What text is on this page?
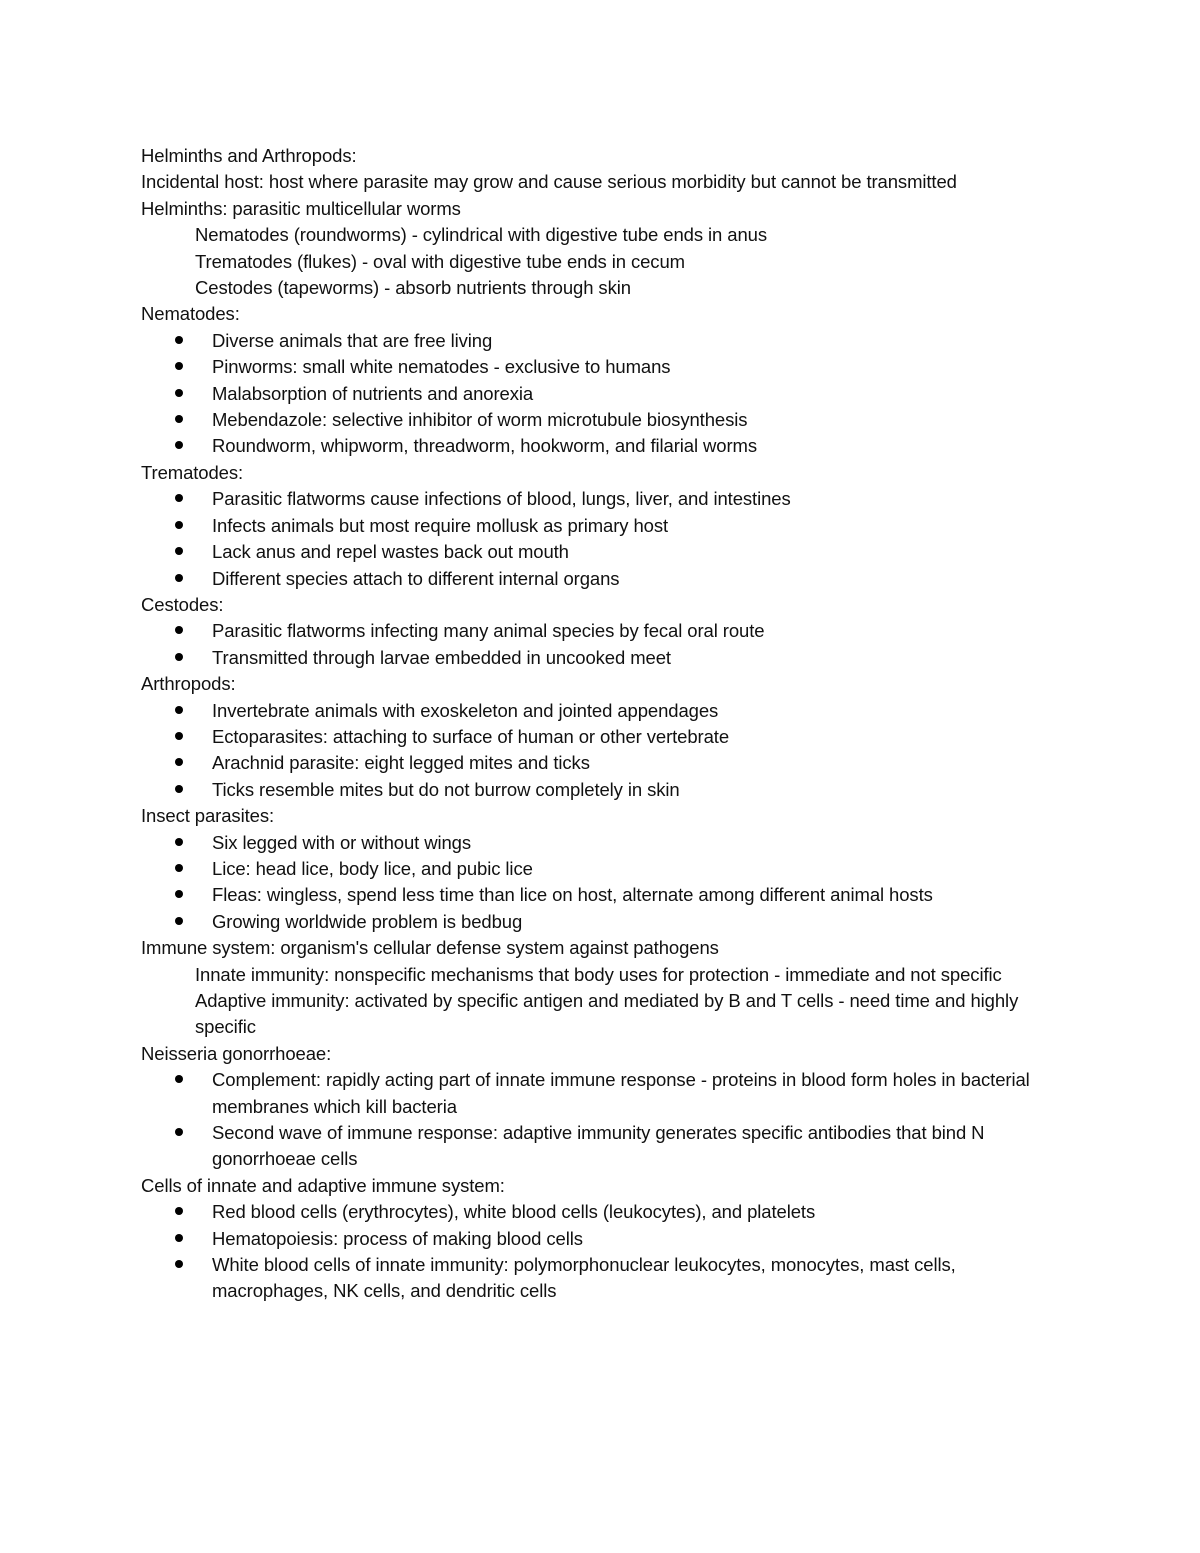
Helminths and Arthropods:
Incidental host: host where parasite may grow and cause serious morbidity but cannot be transmitted
Helminths: parasitic multicellular worms
Nematodes (roundworms) - cylindrical with digestive tube ends in anus
Trematodes (flukes) - oval with digestive tube ends in cecum
Cestodes (tapeworms) - absorb nutrients through skin
Nematodes:
Diverse animals that are free living
Pinworms: small white nematodes - exclusive to humans
Malabsorption of nutrients and anorexia
Mebendazole: selective inhibitor of worm microtubule biosynthesis
Roundworm, whipworm, threadworm, hookworm, and filarial worms
Trematodes:
Parasitic flatworms cause infections of blood, lungs, liver, and intestines
Infects animals but most require mollusk as primary host
Lack anus and repel wastes back out mouth
Different species attach to different internal organs
Cestodes:
Parasitic flatworms infecting many animal species by fecal oral route
Transmitted through larvae embedded in uncooked meet
Arthropods:
Invertebrate animals with exoskeleton and jointed appendages
Ectoparasites: attaching to surface of human or other vertebrate
Arachnid parasite: eight legged mites and ticks
Ticks resemble mites but do not burrow completely in skin
Insect parasites:
Six legged with or without wings
Lice: head lice, body lice, and pubic lice
Fleas: wingless, spend less time than lice on host, alternate among different animal hosts
Growing worldwide problem is bedbug
Immune system: organism's cellular defense system against pathogens
Innate immunity: nonspecific mechanisms that body uses for protection - immediate and not specific
Adaptive immunity: activated by specific antigen and mediated by B and T cells - need time and highly specific
Neisseria gonorrhoeae:
Complement: rapidly acting part of innate immune response - proteins in blood form holes in bacterial membranes which kill bacteria
Second wave of immune response: adaptive immunity generates specific antibodies that bind N gonorrhoeae cells
Cells of innate and adaptive immune system:
Red blood cells (erythrocytes), white blood cells (leukocytes), and platelets
Hematopoiesis: process of making blood cells
White blood cells of innate immunity: polymorphonuclear leukocytes, monocytes, mast cells, macrophages, NK cells, and dendritic cells
